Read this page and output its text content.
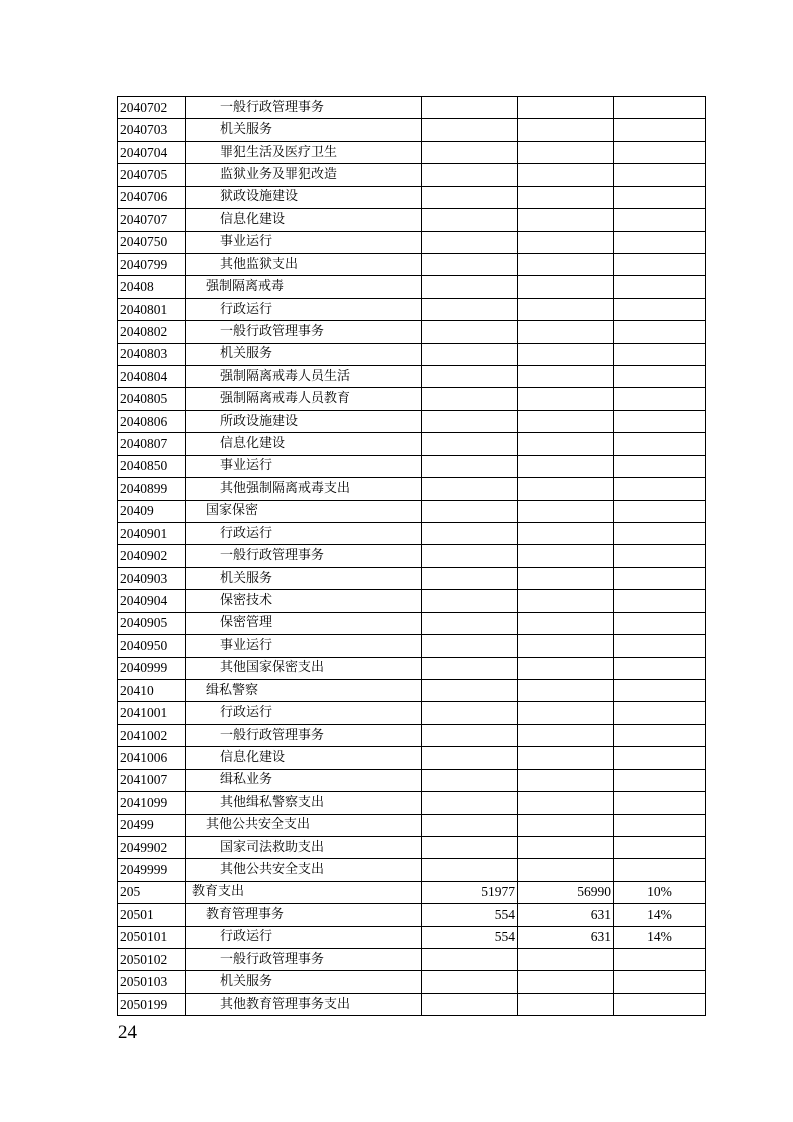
2040702	一般行政管理事务			
2040703	机关服务			
2040704	罪犯生活及医疗卫生			
2040705	监狱业务及罪犯改造			
2040706	狱政设施建设			
2040707	信息化建设			
2040750	事业运行			
2040799	其他监狱支出			
20408	强制隔离戒毒			
2040801	行政运行			
2040802	一般行政管理事务			
2040803	机关服务			
2040804	强制隔离戒毒人员生活			
2040805	强制隔离戒毒人员教育			
2040806	所政设施建设			
2040807	信息化建设			
2040850	事业运行			
2040899	其他强制隔离戒毒支出			
20409	国家保密			
2040901	行政运行			
2040902	一般行政管理事务			
2040903	机关服务			
2040904	保密技术			
2040905	保密管理			
2040950	事业运行			
2040999	其他国家保密支出			
20410	缉私警察			
2041001	行政运行			
2041002	一般行政管理事务			
2041006	信息化建设			
2041007	缉私业务			
2041099	其他缉私警察支出			
20499	其他公共安全支出			
2049902	国家司法救助支出			
2049999	其他公共安全支出			
205	教育支出	51977	56990	10%
20501	教育管理事务	554	631	14%
2050101	行政运行	554	631	14%
2050102	一般行政管理事务			
2050103	机关服务			
2050199	其他教育管理事务支出			
24
